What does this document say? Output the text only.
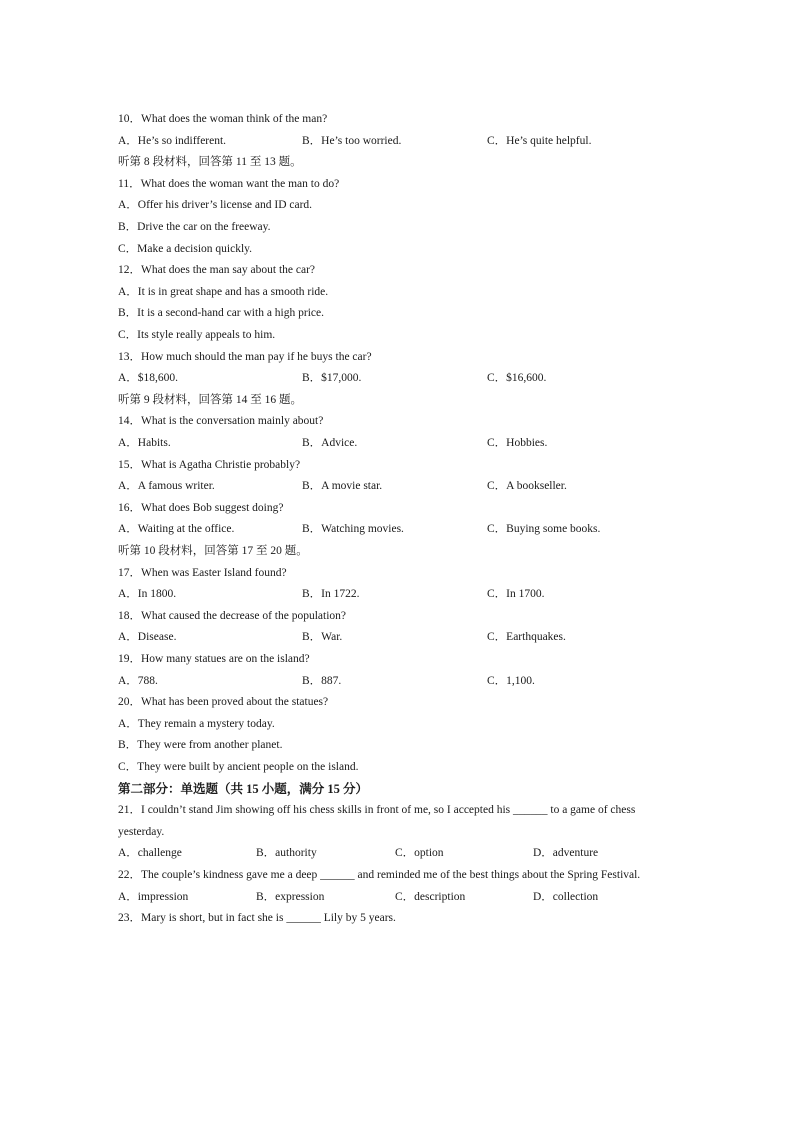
10．What does the woman think of the man?
A．He’s so indifferent.	B．He’s too worried.	C．He’s quite helpful.
听第 8 段材料，回答第 11 至 13 题。
11．What does the woman want the man to do?
A．Offer his driver’s license and ID card.
B．Drive the car on the freeway.
C．Make a decision quickly.
12．What does the man say about the car?
A．It is in great shape and has a smooth ride.
B．It is a second-hand car with a high price.
C．Its style really appeals to him.
13．How much should the man pay if he buys the car?
A．$18,600.	B．$17,000.	C．$16,600.
听第 9 段材料，回答第 14 至 16 题。
14．What is the conversation mainly about?
A．Habits.	B．Advice.	C．Hobbies.
15．What is Agatha Christie probably?
A．A famous writer.	B．A movie star.	C．A bookseller.
16．What does Bob suggest doing?
A．Waiting at the office.	B．Watching movies.	C．Buying some books.
听第 10 段材料，回答第 17 至 20 题。
17．When was Easter Island found?
A．In 1800.	B．In 1722.	C．In 1700.
18．What caused the decrease of the population?
A．Disease.	B．War.	C．Earthquakes.
19．How many statues are on the island?
A．788.	B．887.	C．1,100.
20．What has been proved about the statues?
A．They remain a mystery today.
B．They were from another planet.
C．They were built by ancient people on the island.
第二部分：单选题（共 15 小题，满分 15 分）
21．I couldn’t stand Jim showing off his chess skills in front of me, so I accepted his ______ to a game of chess
yesterday.
A．challenge	B．authority	C．option	D．adventure
22．The couple’s kindness gave me a deep ______ and reminded me of the best things about the Spring Festival.
A．impression	B．expression	C．description	D．collection
23．Mary is short, but in fact she is ______ Lily by 5 years.
